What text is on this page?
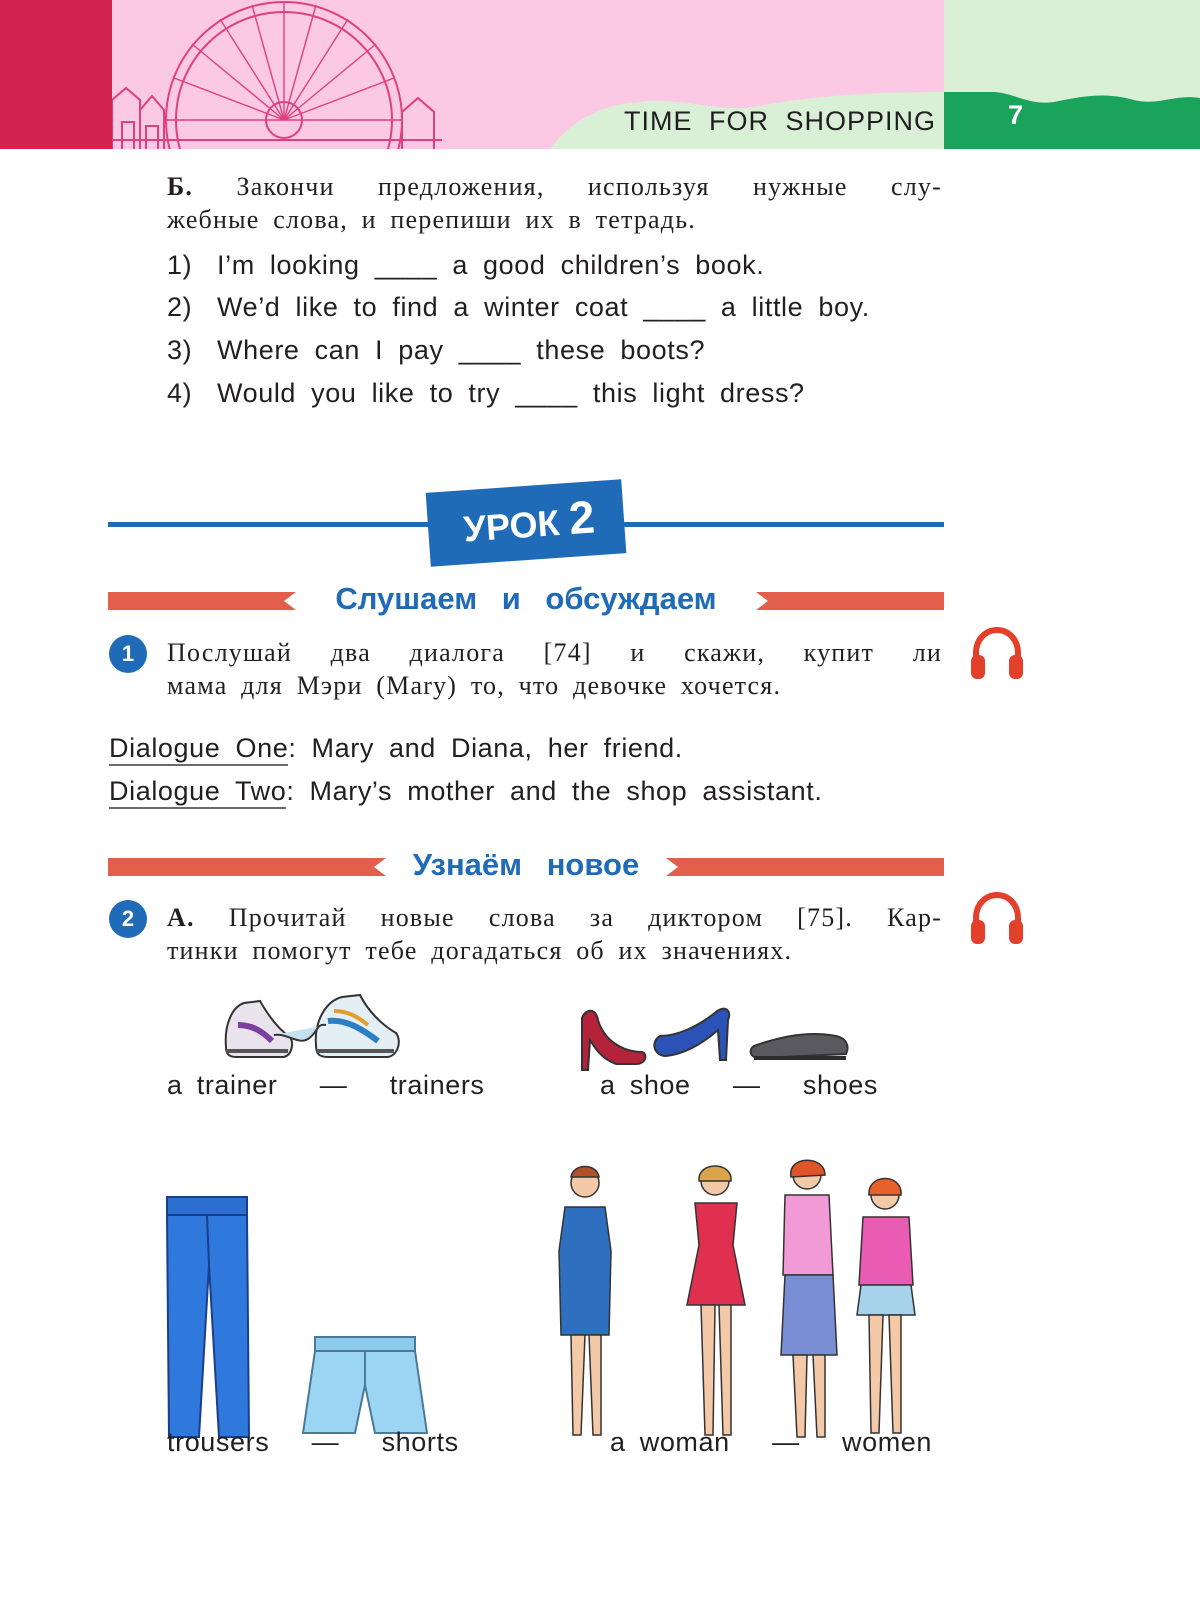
TIME FOR SHOPPING	7
Б. Закончи предложения, используя нужные слу-
жебные слова, и перепиши их в тетрадь.
1) I’m looking ____ a good children’s book.
2) We’d like to find a winter coat ____ a little boy.
3) Where can I pay ____ these boots?
4) Would you like to try ____ this light dress?
УРОК 2
Слушаем и обсуждаем
1	Послушай два диалога [74] и скажи, купит ли
мама для Мэри (Mary) то, что девочке хочется.
Dialogue One: Mary and Diana, her friend.
Dialogue Two: Mary’s mother and the shop assistant.
Узнаём новое
2	А. Прочитай новые слова за диктором [75]. Кар-
тинки помогут тебе догадаться об их значениях.
a trainer — trainers	a shoe — shoes
trousers — shorts	a woman — women
